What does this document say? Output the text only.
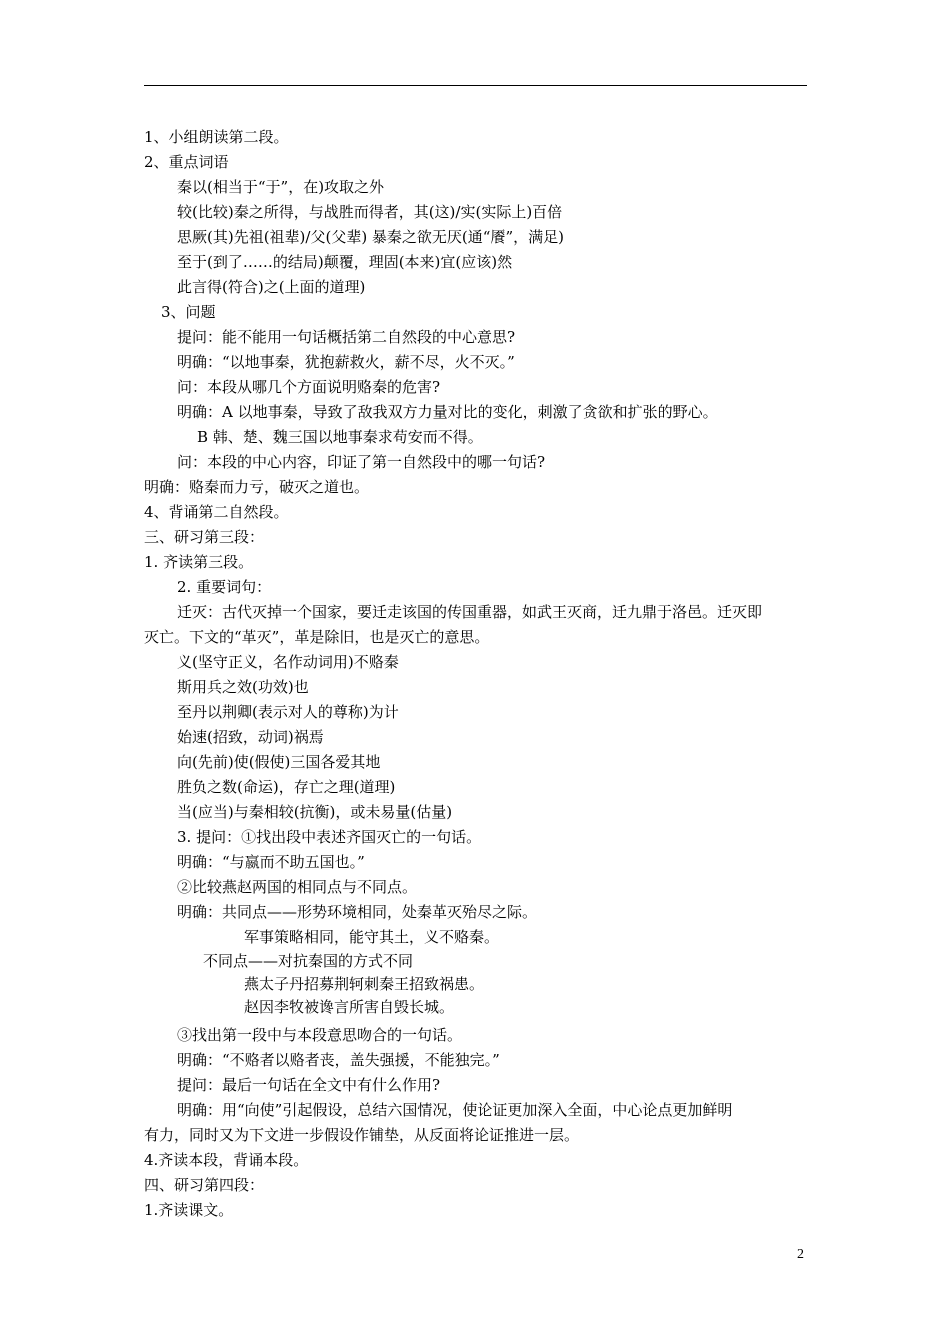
1、小组朗读第二段。
2、重点词语
秦以(相当于“于”，在)攻取之外
较(比较)秦之所得，与战胜而得者，其(这)/实(实际上)百倍
思厥(其)先祖(祖辈)/父(父辈) 暴秦之欲无厌(通“餍”，满足)
至于(到了……的结局)颠覆，理固(本来)宜(应该)然
此言得(符合)之(上面的道理)
3、问题
提问：能不能用一句话概括第二自然段的中心意思?
明确：“以地事秦，犹抱薪救火，薪不尽，火不灭。”
问：本段从哪几个方面说明赂秦的危害?
明确：A 以地事秦，导致了敌我双方力量对比的变化，刺激了贪欲和扩张的野心。
B 韩、楚、魏三国以地事秦求苟安而不得。
问：本段的中心内容，印证了第一自然段中的哪一句话?
明确：赂秦而力亏，破灭之道也。
4、背诵第二自然段。
三、研习第三段：
1. 齐读第三段。
2. 重要词句：
迁灭：古代灭掉一个国家，要迁走该国的传国重器，如武王灭商，迁九鼎于洛邑。迁灭即
灭亡。下文的“革灭”，革是除旧，也是灭亡的意思。
义(坚守正义，名作动词用)不赂秦
斯用兵之效(功效)也
至丹以荆卿(表示对人的尊称)为计
始速(招致，动词)祸焉
向(先前)使(假使)三国各爱其地
胜负之数(命运)，存亡之理(道理)
当(应当)与秦相较(抗衡)，或未易量(估量)
3. 提问：①找出段中表述齐国灭亡的一句话。
明确：“与嬴而不助五国也。”
②比较燕赵两国的相同点与不同点。
明确：共同点——形势环境相同，处秦革灭殆尽之际。
军事策略相同，能守其土，义不赂秦。
不同点——对抗秦国的方式不同
燕太子丹招募荆轲刺秦王招致祸患。
赵因李牧被谗言所害自毁长城。
③找出第一段中与本段意思吻合的一句话。
明确：“不赂者以赂者丧，盖失强援，不能独完。”
提问：最后一句话在全文中有什么作用?
明确：用“向使”引起假设，总结六国情况，使论证更加深入全面，中心论点更加鲜明
有力，同时又为下文进一步假设作铺垫，从反面将论证推进一层。
4.齐读本段，背诵本段。
四、研习第四段：
1.齐读课文。
2
